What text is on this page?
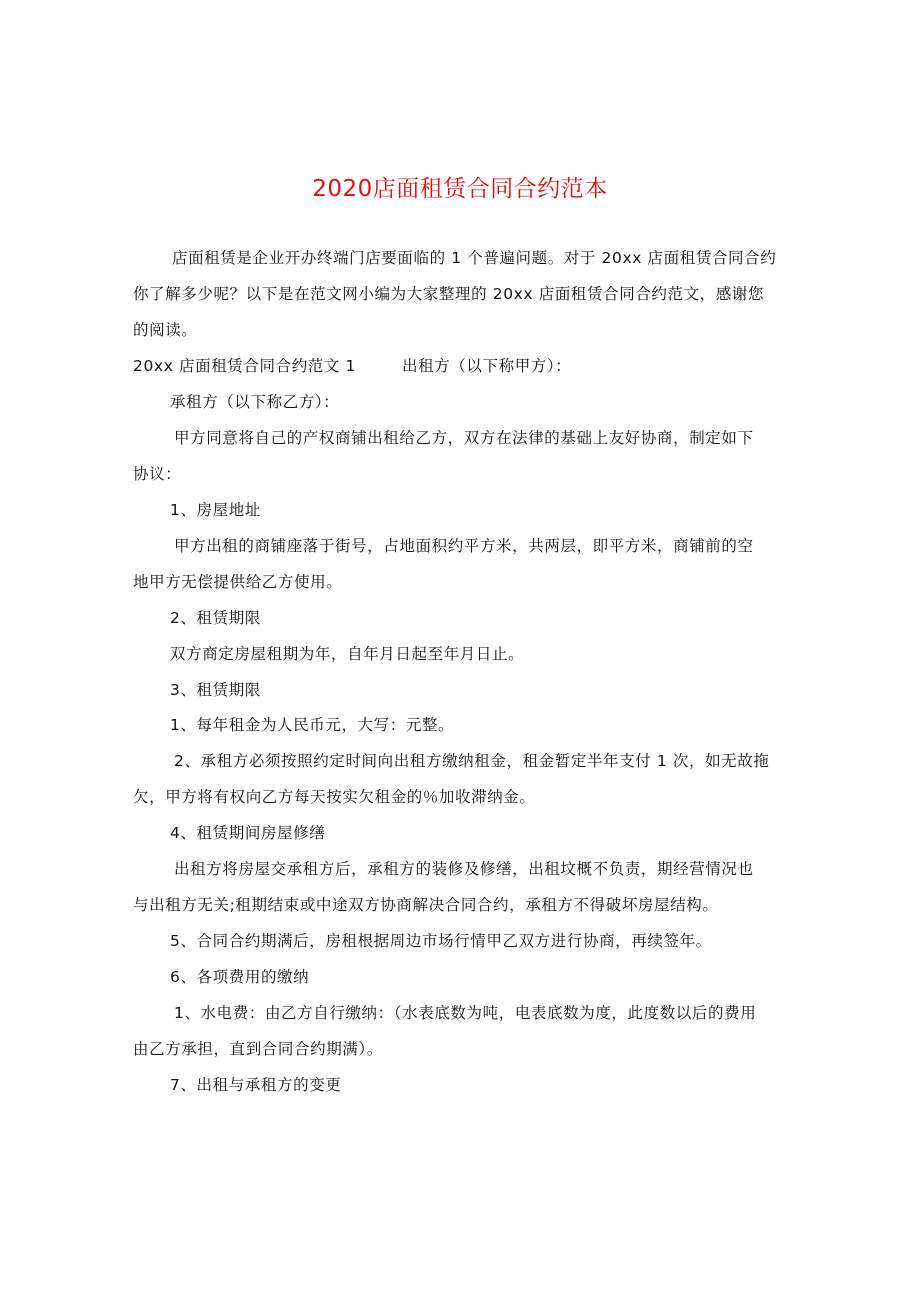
2020店面租赁合同合约范本
店面租赁是企业开办终端门店要面临的 1 个普遍问题。对于 20xx 店面租赁合同合约
你了解多少呢？以下是在范文网小编为大家整理的 20xx 店面租赁合同合约范文，感谢您
的阅读。
20xx 店面租赁合同合约范文 1	出租方（以下称甲方）：
承租方（以下称乙方）：
甲方同意将自己的产权商铺出租给乙方，双方在法律的基础上友好协商，制定如下
协议：
1、房屋地址
甲方出租的商铺座落于街号，占地面积约平方米，共两层，即平方米，商铺前的空
地甲方无偿提供给乙方使用。
2、租赁期限
双方商定房屋租期为年，自年月日起至年月日止。
3、租赁期限
1、每年租金为人民币元，大写：元整。
2、承租方必须按照约定时间向出租方缴纳租金，租金暂定半年支付 1 次，如无故拖
欠，甲方将有权向乙方每天按实欠租金的％加收滞纳金。
4、租赁期间房屋修缮
出租方将房屋交承租方后，承租方的装修及修缮，出租坟概不负责，期经营情况也
与出租方无关;租期结束或中途双方协商解决合同合约，承租方不得破坏房屋结构。
5、合同合约期满后，房租根据周边市场行情甲乙双方进行协商，再续签年。
6、各项费用的缴纳
1、水电费：由乙方自行缴纳：（水表底数为吨，电表底数为度，此度数以后的费用
由乙方承担，直到合同合约期满）。
7、出租与承租方的变更
